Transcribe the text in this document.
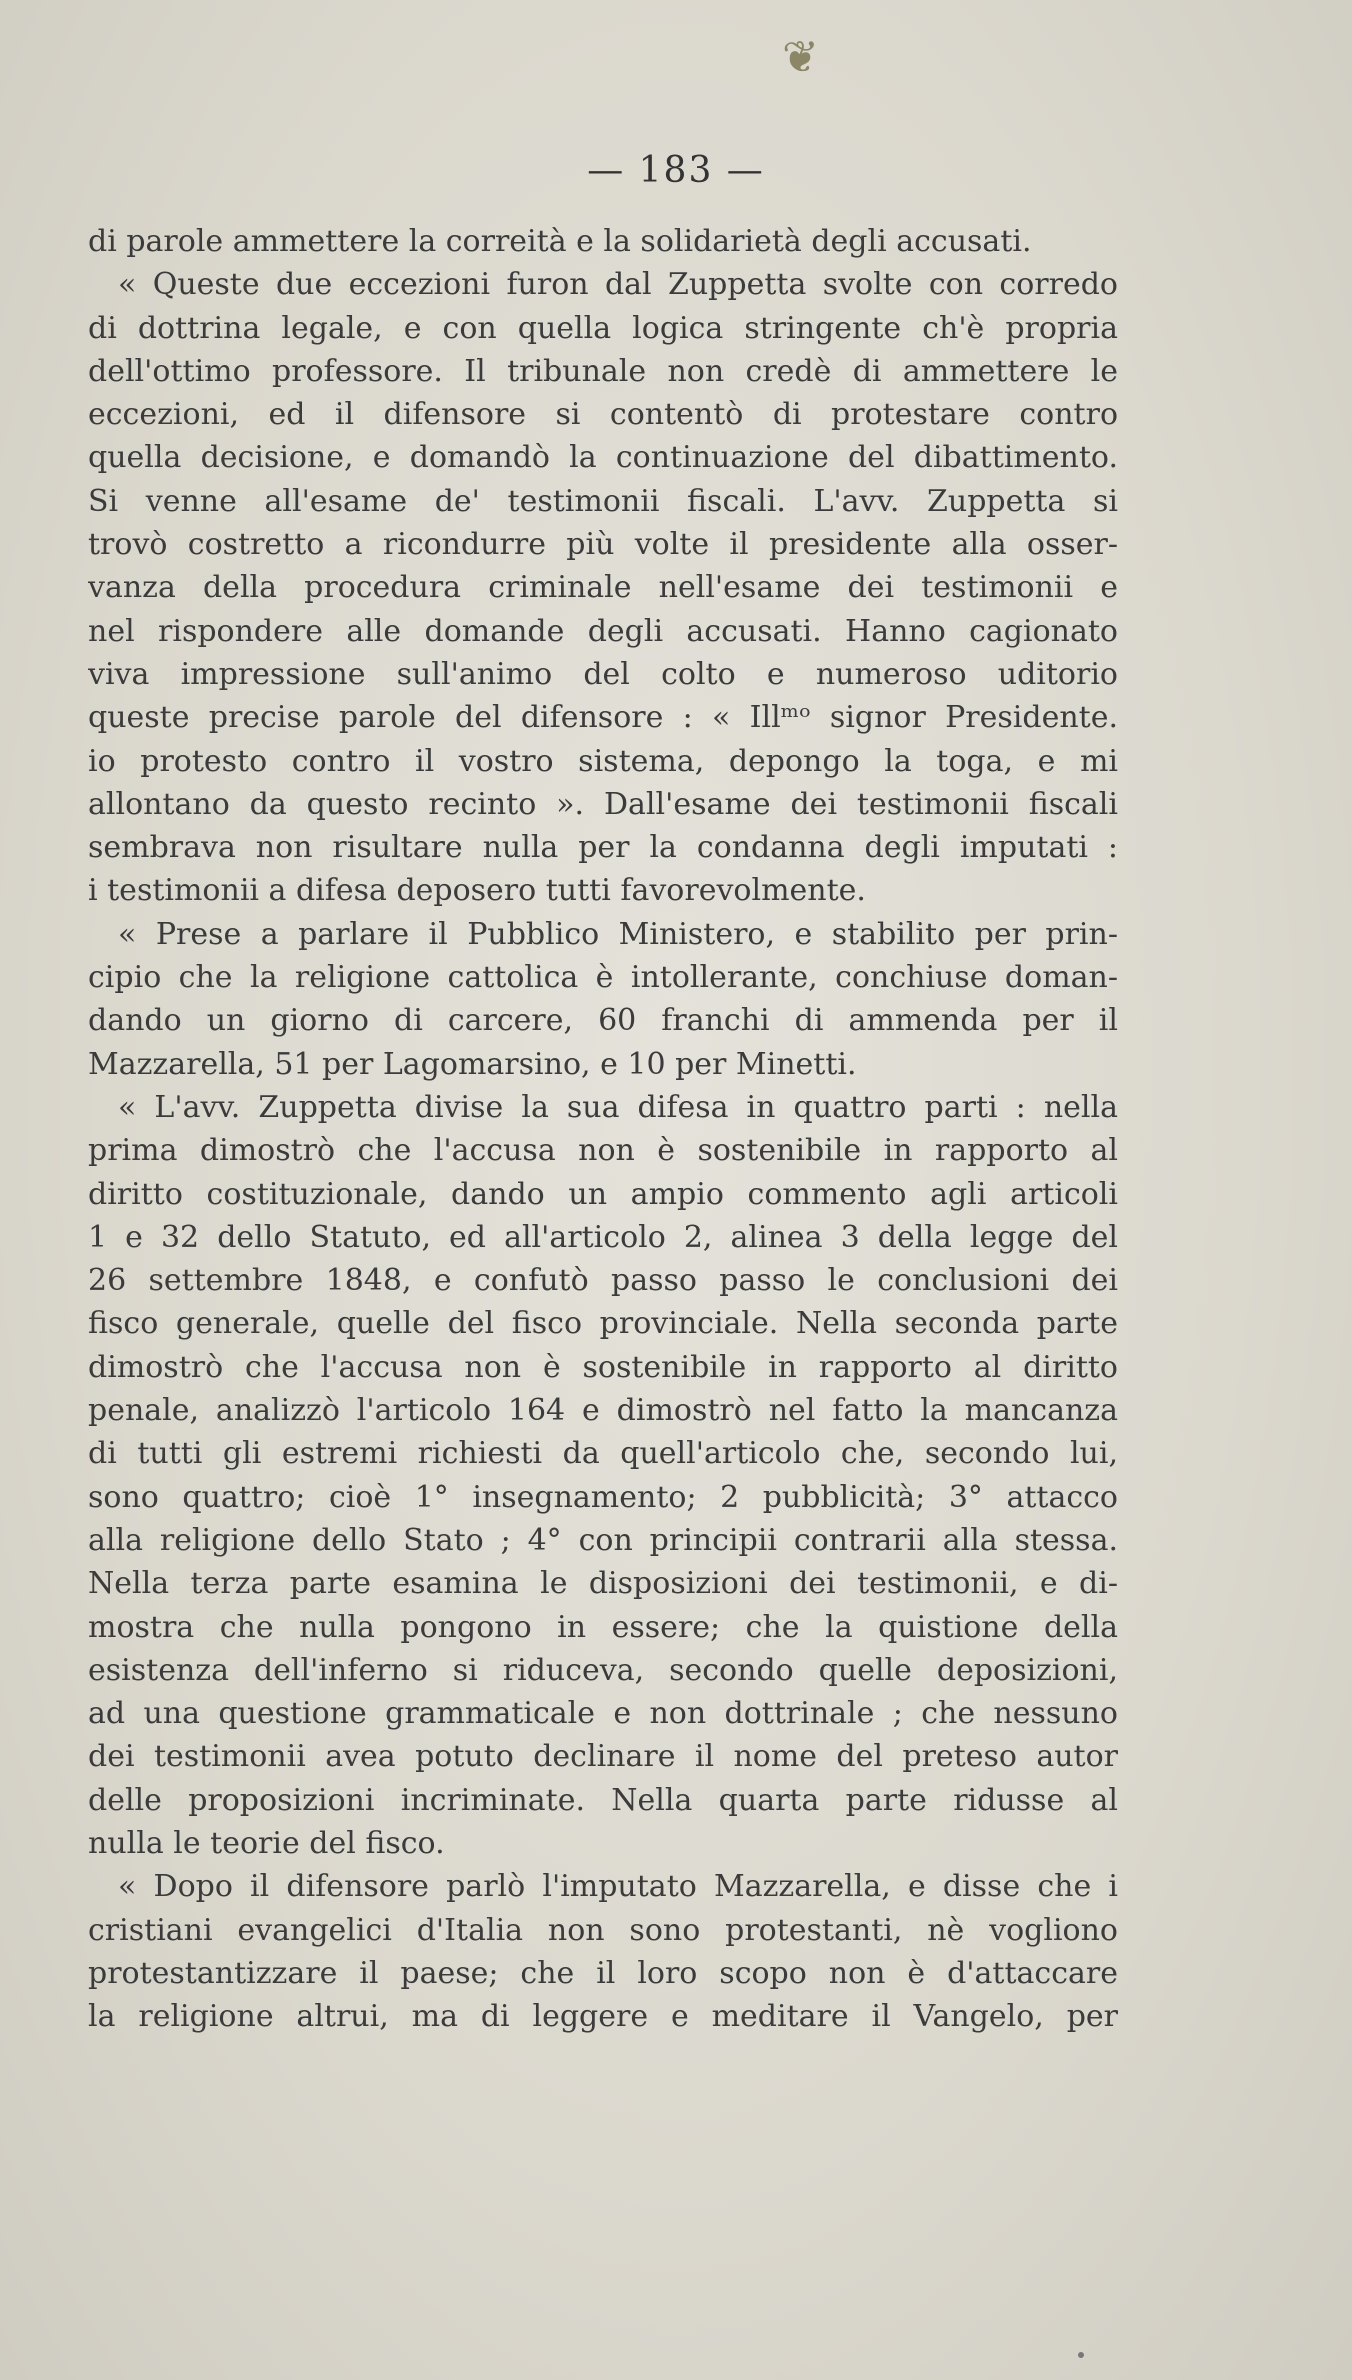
❦
— 183 —
di parole ammettere la correità e la solidarietà degli accusati.
« Queste due eccezioni furon dal Zuppetta svolte con corredo
di dottrina legale, e con quella logica stringente ch'è propria
dell'ottimo professore. Il tribunale non credè di ammettere le
eccezioni, ed il difensore si contentò di protestare contro
quella decisione, e domandò la continuazione del dibattimento.
Si venne all'esame de' testimonii fiscali. L'avv. Zuppetta si
trovò costretto a ricondurre più volte il presidente alla osser-
vanza della procedura criminale nell'esame dei testimonii e
nel rispondere alle domande degli accusati. Hanno cagionato
viva impressione sull'animo del colto e numeroso uditorio
queste precise parole del difensore : « Illᵐᵒ signor Presidente.
io protesto contro il vostro sistema, depongo la toga, e mi
allontano da questo recinto ». Dall'esame dei testimonii fiscali
sembrava non risultare nulla per la condanna degli imputati :
i testimonii a difesa deposero tutti favorevolmente.
« Prese a parlare il Pubblico Ministero, e stabilito per prin-
cipio che la religione cattolica è intollerante, conchiuse doman-
dando un giorno di carcere, 60 franchi di ammenda per il
Mazzarella, 51 per Lagomarsino, e 10 per Minetti.
« L'avv. Zuppetta divise la sua difesa in quattro parti : nella
prima dimostrò che l'accusa non è sostenibile in rapporto al
diritto costituzionale, dando un ampio commento agli articoli
1 e 32 dello Statuto, ed all'articolo 2, alinea 3 della legge del
26 settembre 1848, e confutò passo passo le conclusioni dei
fisco generale, quelle del fisco provinciale. Nella seconda parte
dimostrò che l'accusa non è sostenibile in rapporto al diritto
penale, analizzò l'articolo 164 e dimostrò nel fatto la mancanza
di tutti gli estremi richiesti da quell'articolo che, secondo lui,
sono quattro; cioè 1° insegnamento; 2 pubblicità; 3° attacco
alla religione dello Stato ; 4° con principii contrarii alla stessa.
Nella terza parte esamina le disposizioni dei testimonii, e di-
mostra che nulla pongono in essere; che la quistione della
esistenza dell'inferno si riduceva, secondo quelle deposizioni,
ad una questione grammaticale e non dottrinale ; che nessuno
dei testimonii avea potuto declinare il nome del preteso autor
delle proposizioni incriminate. Nella quarta parte ridusse al
nulla le teorie del fisco.
« Dopo il difensore parlò l'imputato Mazzarella, e disse che i
cristiani evangelici d'Italia non sono protestanti, nè vogliono
protestantizzare il paese; che il loro scopo non è d'attaccare
la religione altrui, ma di leggere e meditare il Vangelo, per
